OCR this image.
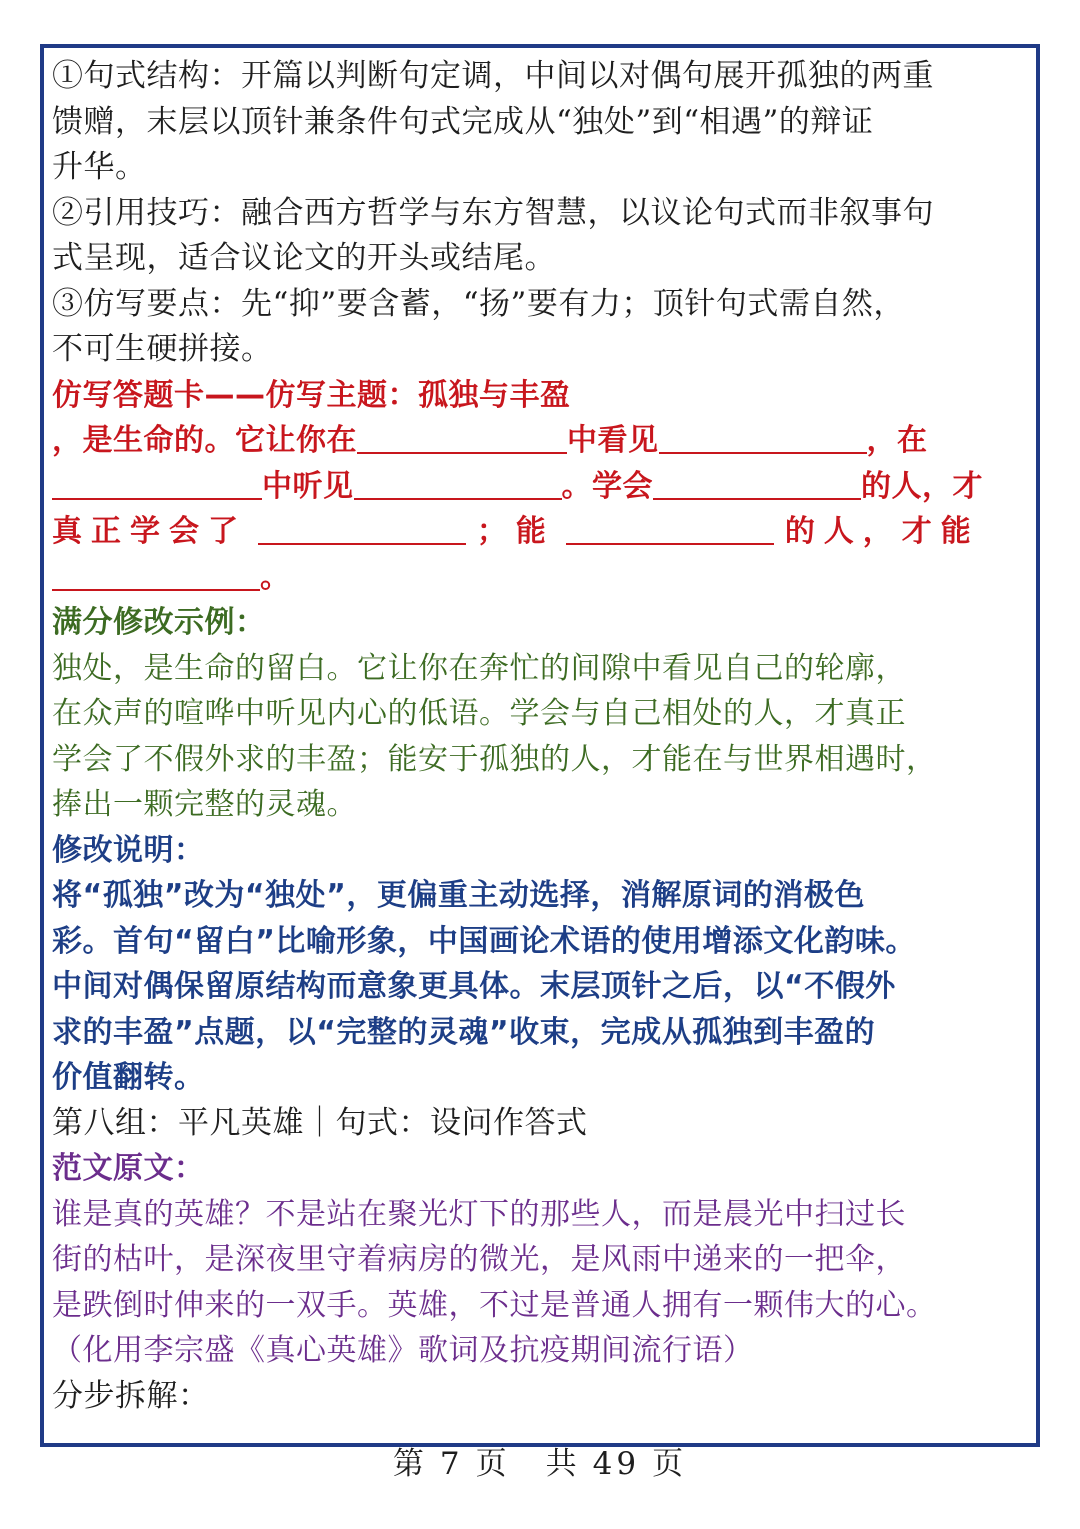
①句式结构：开篇以判断句定调，中间以对偶句展开孤独的两重
馈赠，末层以顶针兼条件句式完成从“独处”到“相遇”的辩证
升华。
②引用技巧：融合西方哲学与东方智慧，以议论句式而非叙事句
式呈现，适合议论文的开头或结尾。
③仿写要点：先“抑”要含蓄，“扬”要有力；顶针句式需自然，
不可生硬拼接。
仿写答题卡——仿写主题：孤独与丰盈
，是生命的。它让你在	中看见	，在
中听见	。学会	的人，才
真正学会了	；能	的人，才能
。
满分修改示例：
独处，是生命的留白。它让你在奔忙的间隙中看见自己的轮廓，
在众声的喧哗中听见内心的低语。学会与自己相处的人，才真正
学会了不假外求的丰盈；能安于孤独的人，才能在与世界相遇时，
捧出一颗完整的灵魂。
修改说明：
将“孤独”改为“独处”，更偏重主动选择，消解原词的消极色
彩。首句“留白”比喻形象，中国画论术语的使用增添文化韵味。
中间对偶保留原结构而意象更具体。末层顶针之后，以“不假外
求的丰盈”点题，以“完整的灵魂”收束，完成从孤独到丰盈的
价值翻转。
第八组：平凡英雄｜句式：设问作答式
范文原文：
谁是真的英雄？不是站在聚光灯下的那些人，而是晨光中扫过长
街的枯叶，是深夜里守着病房的微光，是风雨中递来的一把伞，
是跌倒时伸来的一双手。英雄，不过是普通人拥有一颗伟大的心。
（化用李宗盛《真心英雄》歌词及抗疫期间流行语）
分步拆解：
第 7 页　共 49 页
